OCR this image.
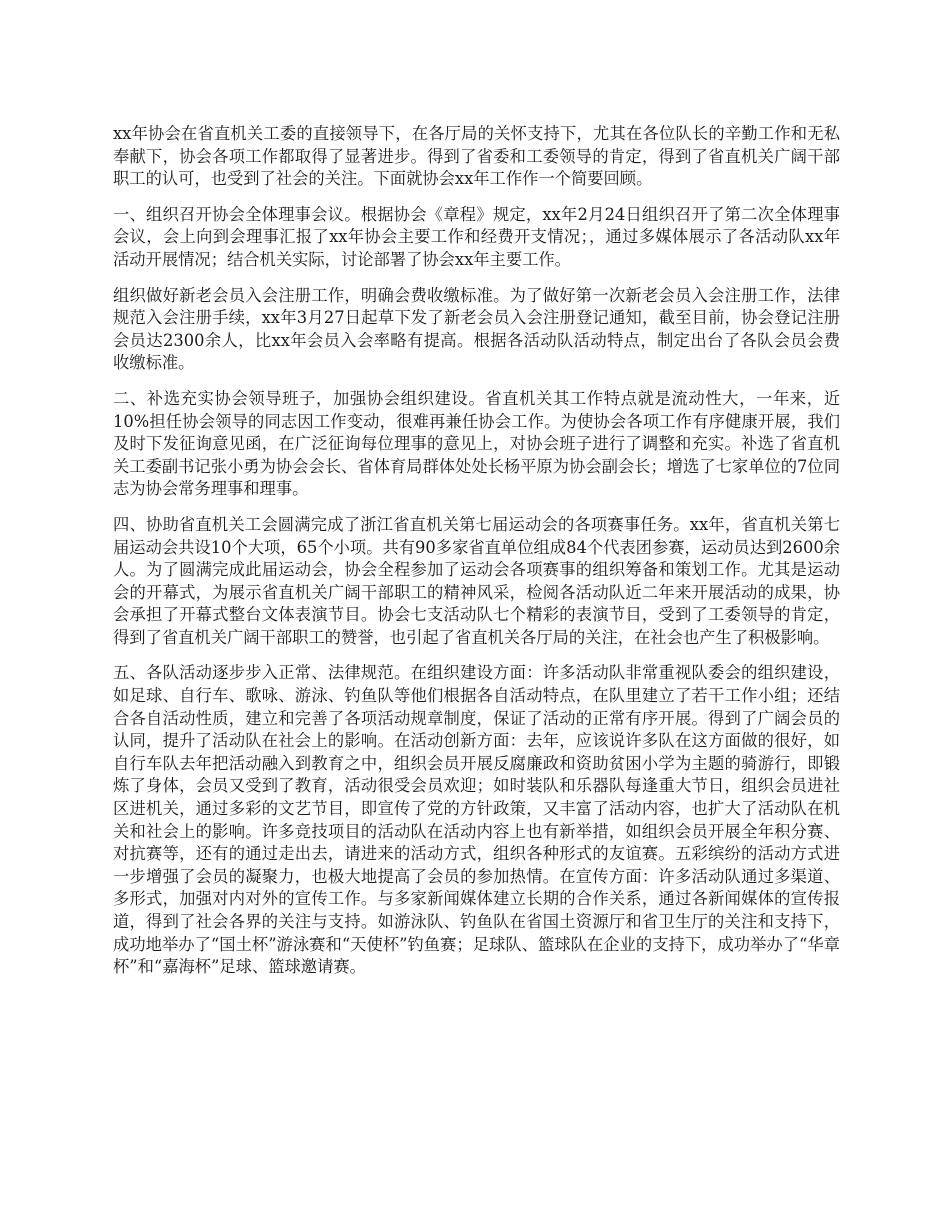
xx年协会在省直机关工委的直接领导下，在各厅局的关怀支持下，尤其在各位队长的辛勤工作和无私奉献下，协会各项工作都取得了显著进步。得到了省委和工委领导的肯定，得到了省直机关广阔干部职工的认可，也受到了社会的关注。下面就协会xx年工作作一个简要回顾。

一、组织召开协会全体理事会议。根据协会《章程》规定，xx年2月24日组织召开了第二次全体理事会议，会上向到会理事汇报了xx年协会主要工作和经费开支情况；，通过多媒体展示了各活动队xx年活动开展情况；结合机关实际，讨论部署了协会xx年主要工作。

组织做好新老会员入会注册工作，明确会费收缴标准。为了做好第一次新老会员入会注册工作，法律规范入会注册手续，xx年3月27日起草下发了新老会员入会注册登记通知，截至目前，协会登记注册会员达2300余人，比xx年会员入会率略有提高。根据各活动队活动特点，制定出台了各队会员会费收缴标准。

二、补选充实协会领导班子，加强协会组织建设。省直机关其工作特点就是流动性大，一年来，近10%担任协会领导的同志因工作变动，很难再兼任协会工作。为使协会各项工作有序健康开展，我们及时下发征询意见函，在广泛征询每位理事的意见上，对协会班子进行了调整和充实。补选了省直机关工委副书记张小勇为协会会长、省体育局群体处处长杨平原为协会副会长；增选了七家单位的7位同志为协会常务理事和理事。

四、协助省直机关工会圆满完成了浙江省直机关第七届运动会的各项赛事任务。xx年，省直机关第七届运动会共设10个大项，65个小项。共有90多家省直单位组成84个代表团参赛，运动员达到2600余人。为了圆满完成此届运动会，协会全程参加了运动会各项赛事的组织筹备和策划工作。尤其是运动会的开幕式，为展示省直机关广阔干部职工的精神风采，检阅各活动队近二年来开展活动的成果，协会承担了开幕式整台文体表演节目。协会七支活动队七个精彩的表演节目，受到了工委领导的肯定，得到了省直机关广阔干部职工的赞誉，也引起了省直机关各厅局的关注，在社会也产生了积极影响。

五、各队活动逐步步入正常、法律规范。在组织建设方面：许多活动队非常重视队委会的组织建设，如足球、自行车、歌咏、游泳、钓鱼队等他们根据各自活动特点，在队里建立了若干工作小组；还结合各自活动性质，建立和完善了各项活动规章制度，保证了活动的正常有序开展。得到了广阔会员的认同，提升了活动队在社会上的影响。在活动创新方面：去年，应该说许多队在这方面做的很好，如自行车队去年把活动融入到教育之中，组织会员开展反腐廉政和资助贫困小学为主题的骑游行，即锻炼了身体，会员又受到了教育，活动很受会员欢迎；如时装队和乐器队每逢重大节日，组织会员进社区进机关，通过多彩的文艺节目，即宣传了党的方针政策，又丰富了活动内容，也扩大了活动队在机关和社会上的影响。许多竞技项目的活动队在活动内容上也有新举措，如组织会员开展全年积分赛、对抗赛等，还有的通过走出去，请进来的活动方式，组织各种形式的友谊赛。五彩缤纷的活动方式进一步增强了会员的凝聚力，也极大地提高了会员的参加热情。在宣传方面：许多活动队通过多渠道、多形式，加强对内对外的宣传工作。与多家新闻媒体建立长期的合作关系，通过各新闻媒体的宣传报道，得到了社会各界的关注与支持。如游泳队、钓鱼队在省国土资源厅和省卫生厅的关注和支持下，成功地举办了“国土杯”游泳赛和“天使杯”钓鱼赛；足球队、篮球队在企业的支持下，成功举办了“华章杯”和“嘉海杯”足球、篮球邀请赛。
